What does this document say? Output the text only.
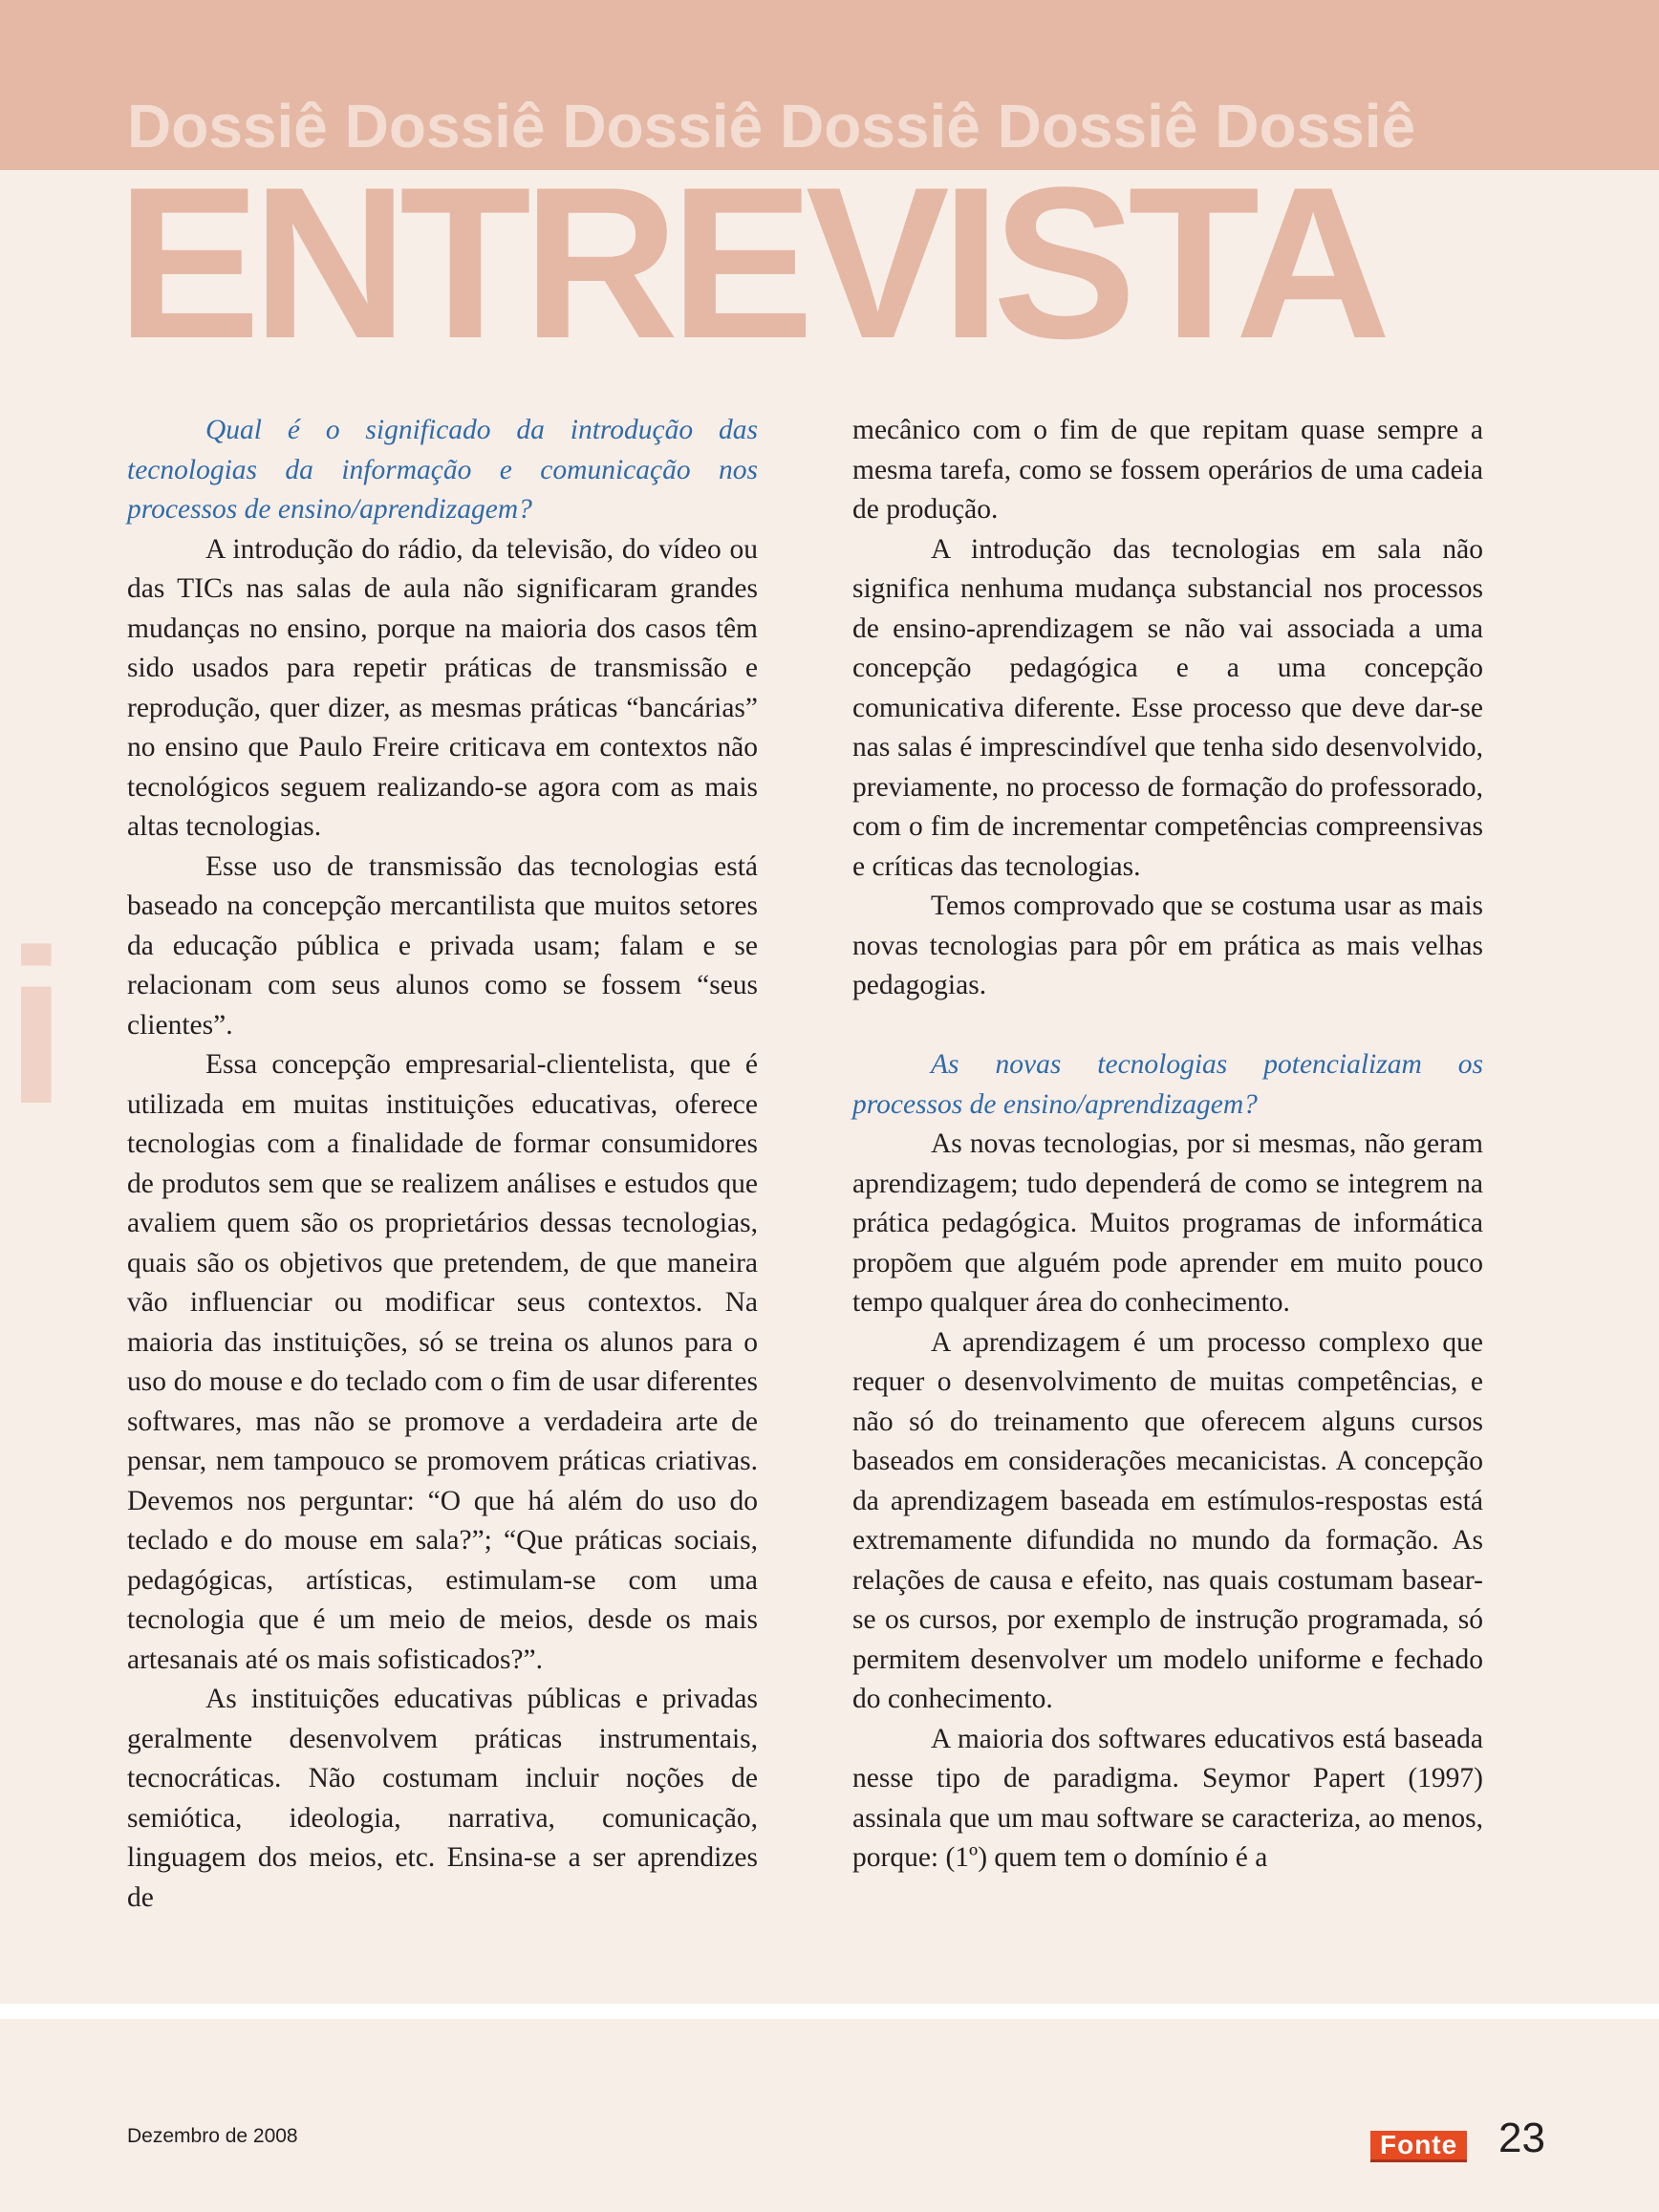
Dossiê Dossiê Dossiê Dossiê Dossiê Dossiê

ENTREVISTA

i

Qual é o significado da introdução das tecnologias da informação e comunicação nos processos de ensino/aprendizagem?

A introdução do rádio, da televisão, do vídeo ou das TICs nas salas de aula não significaram grandes mudanças no ensino, porque na maioria dos casos têm sido usados para repetir práticas de transmissão e reprodução, quer dizer, as mesmas práticas “bancárias” no ensino que Paulo Freire criticava em contextos não tecnológicos seguem realizando-se agora com as mais altas tecnologias.

Esse uso de transmissão das tecnologias está baseado na concepção mercantilista que muitos setores da educação pública e privada usam; falam e se relacionam com seus alunos como se fossem “seus clientes”.

Essa concepção empresarial-clientelista, que é utilizada em muitas instituições educativas, oferece tecnologias com a finalidade de formar consumidores de produtos sem que se realizem análises e estudos que avaliem quem são os proprietários dessas tecnologias, quais são os objetivos que pretendem, de que maneira vão influenciar ou modificar seus contextos. Na maioria das instituições, só se treina os alunos para o uso do mouse e do teclado com o fim de usar diferentes softwares, mas não se promove a verdadeira arte de pensar, nem tampouco se promovem práticas criativas. Devemos nos perguntar: “O que há além do uso do teclado e do mouse em sala?”; “Que práticas sociais, pedagógicas, artísticas, estimulam-se com uma tecnologia que é um meio de meios, desde os mais artesanais até os mais sofisticados?”.

As instituições educativas públicas e privadas geralmente desenvolvem práticas instrumentais, tecnocráticas. Não costumam incluir noções de semiótica, ideologia, narrativa, comunicação, linguagem dos meios, etc. Ensina-se a ser aprendizes de

mecânico com o fim de que repitam quase sempre a mesma tarefa, como se fossem operários de uma cadeia de produção.

A introdução das tecnologias em sala não significa nenhuma mudança substancial nos processos de ensino-aprendizagem se não vai associada a uma concepção pedagógica e a uma concepção comunicativa diferente. Esse processo que deve dar-se nas salas é imprescindível que tenha sido desenvolvido, previamente, no processo de formação do professorado, com o fim de incrementar competências compreensivas e críticas das tecnologias.

Temos comprovado que se costuma usar as mais novas tecnologias para pôr em prática as mais velhas pedagogias.

As novas tecnologias potencializam os processos de ensino/aprendizagem?

As novas tecnologias, por si mesmas, não geram aprendizagem; tudo dependerá de como se integrem na prática pedagógica. Muitos programas de informática propõem que alguém pode aprender em muito pouco tempo qualquer área do conhecimento.

A aprendizagem é um processo complexo que requer o desenvolvimento de muitas competências, e não só do treinamento que oferecem alguns cursos baseados em considerações mecanicistas. A concepção da aprendizagem baseada em estímulos-respostas está extremamente difundida no mundo da formação. As relações de causa e efeito, nas quais costumam basear-se os cursos, por exemplo de instrução programada, só permitem desenvolver um modelo uniforme e fechado do conhecimento.

A maioria dos softwares educativos está baseada nesse tipo de paradigma. Seymor Papert (1997) assinala que um mau software se caracteriza, ao menos, porque: (1º) quem tem o domínio é a

Dezembro de 2008	Fonte 23
